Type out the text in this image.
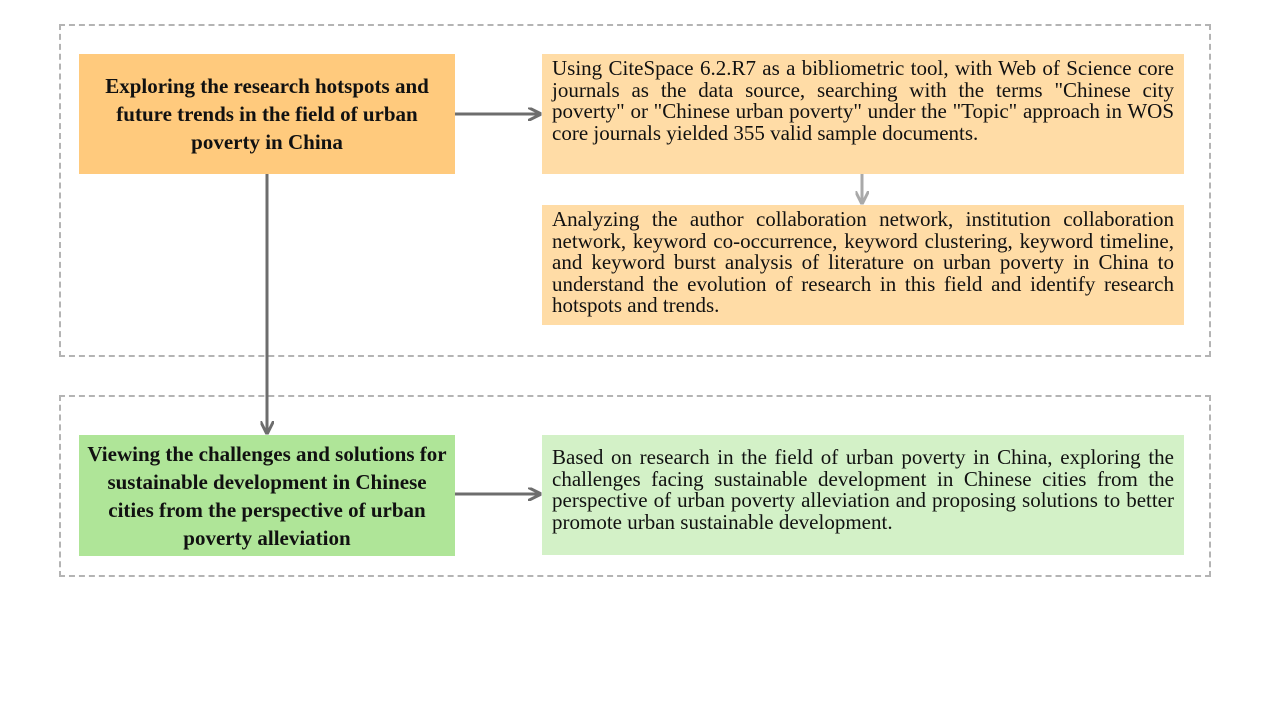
Exploring the research hotspots and future trends in the field of urban poverty in China

Using CiteSpace 6.2.R7 as a bibliometric tool, with Web of Science core journals as the data source, searching with the terms "Chinese city poverty" or "Chinese urban poverty" under the "Topic" approach in WOS core journals yielded 355 valid sample documents.

Analyzing the author collaboration network, institution collaboration network, keyword co-occurrence, keyword clustering, keyword timeline, and keyword burst analysis of literature on urban poverty in China to understand the evolution of research in this field and identify research hotspots and trends.

Viewing the challenges and solutions for sustainable development in Chinese cities from the perspective of urban poverty alleviation

Based on research in the field of urban poverty in China, exploring the challenges facing sustainable development in Chinese cities from the perspective of urban poverty alleviation and proposing solutions to better promote urban sustainable development.
